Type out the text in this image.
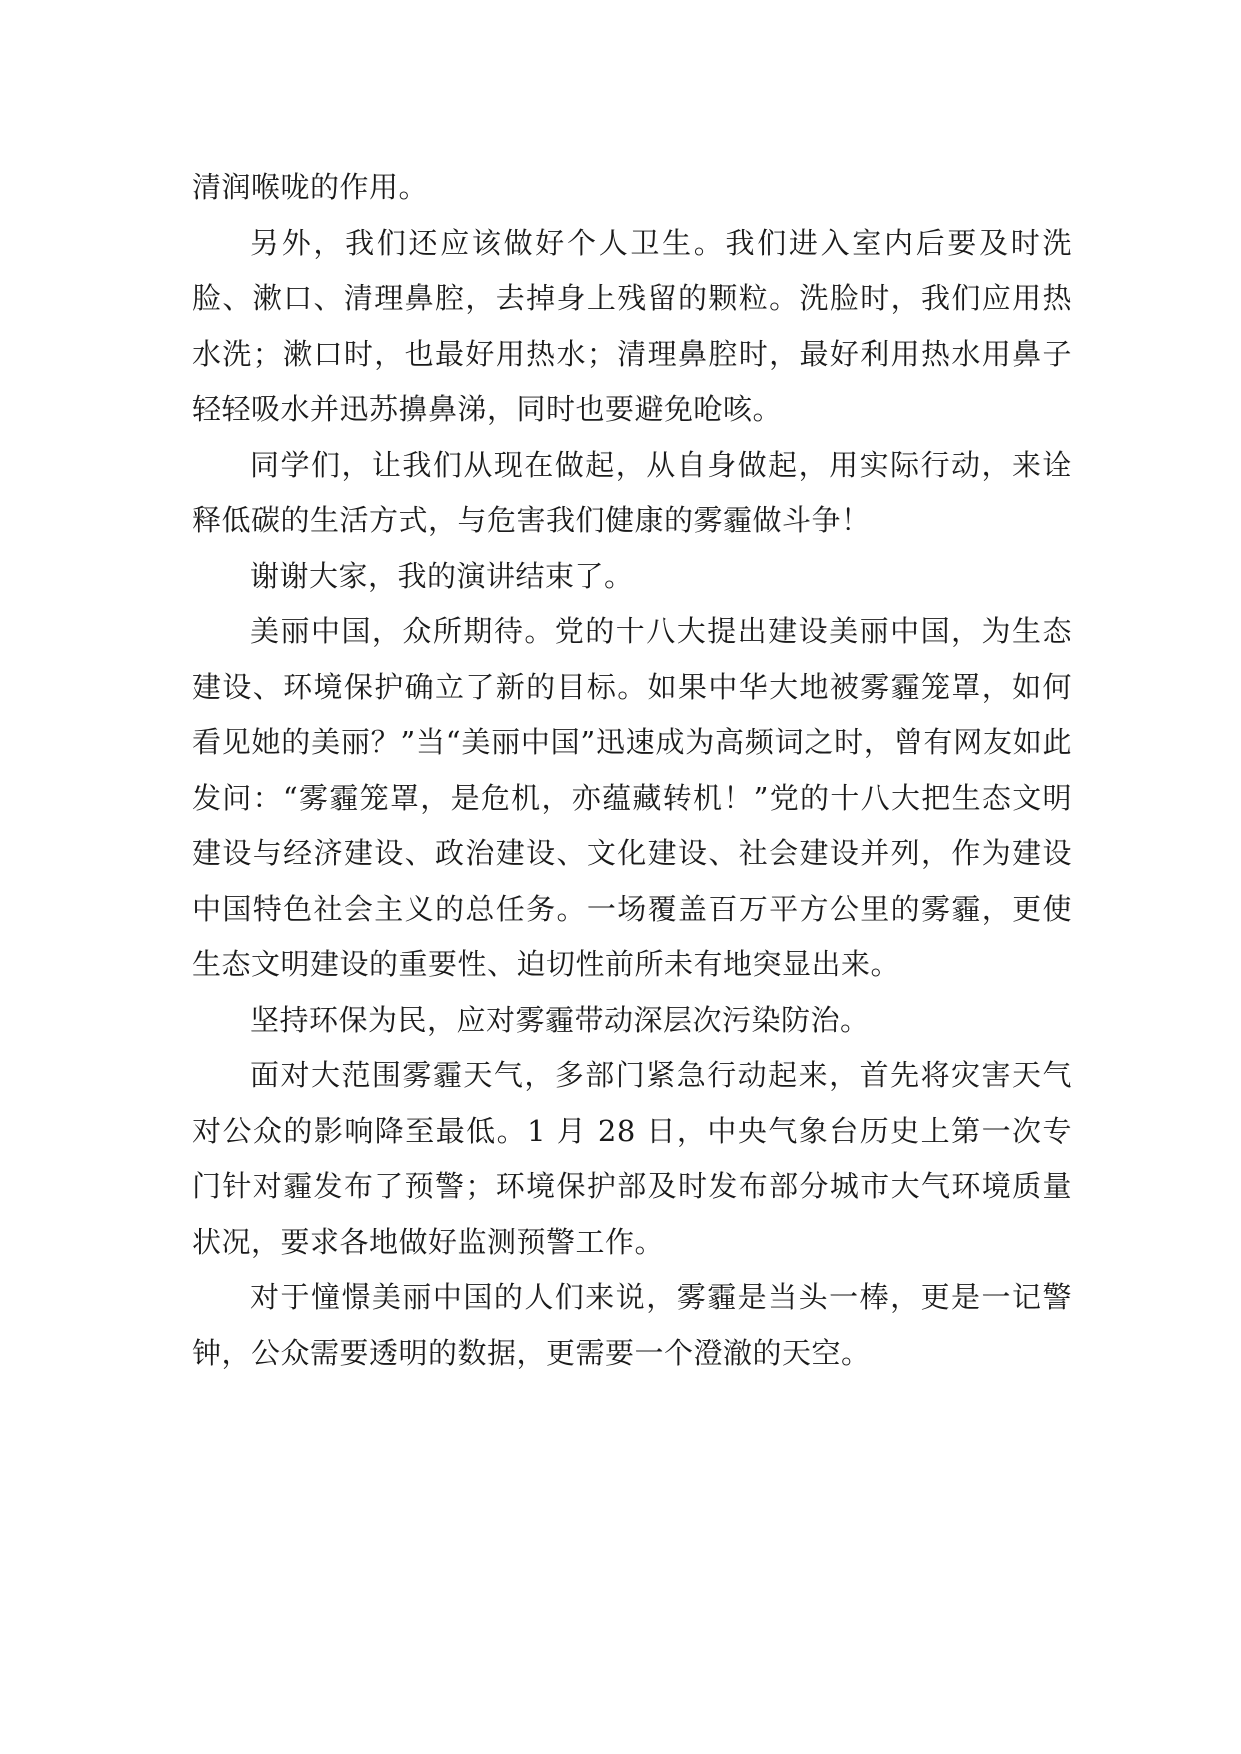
清润喉咙的作用。

另外，我们还应该做好个人卫生。我们进入室内后要及时洗脸、漱口、清理鼻腔，去掉身上残留的颗粒。洗脸时，我们应用热水洗；漱口时，也最好用热水；清理鼻腔时，最好利用热水用鼻子轻轻吸水并迅苏擤鼻涕，同时也要避免呛咳。

同学们，让我们从现在做起，从自身做起，用实际行动，来诠释低碳的生活方式，与危害我们健康的雾霾做斗争！

谢谢大家，我的演讲结束了。

美丽中国，众所期待。党的十八大提出建设美丽中国，为生态建设、环境保护确立了新的目标。如果中华大地被雾霾笼罩，如何看见她的美丽？”当“美丽中国”迅速成为高频词之时，曾有网友如此发问：“雾霾笼罩，是危机，亦蕴藏转机！”党的十八大把生态文明建设与经济建设、政治建设、文化建设、社会建设并列，作为建设中国特色社会主义的总任务。一场覆盖百万平方公里的雾霾，更使生态文明建设的重要性、迫切性前所未有地突显出来。

坚持环保为民，应对雾霾带动深层次污染防治。

面对大范围雾霾天气，多部门紧急行动起来，首先将灾害天气对公众的影响降至最低。1 月 28 日，中央气象台历史上第一次专门针对霾发布了预警；环境保护部及时发布部分城市大气环境质量状况，要求各地做好监测预警工作。

对于憧憬美丽中国的人们来说，雾霾是当头一棒，更是一记警钟，公众需要透明的数据，更需要一个澄澈的天空。
